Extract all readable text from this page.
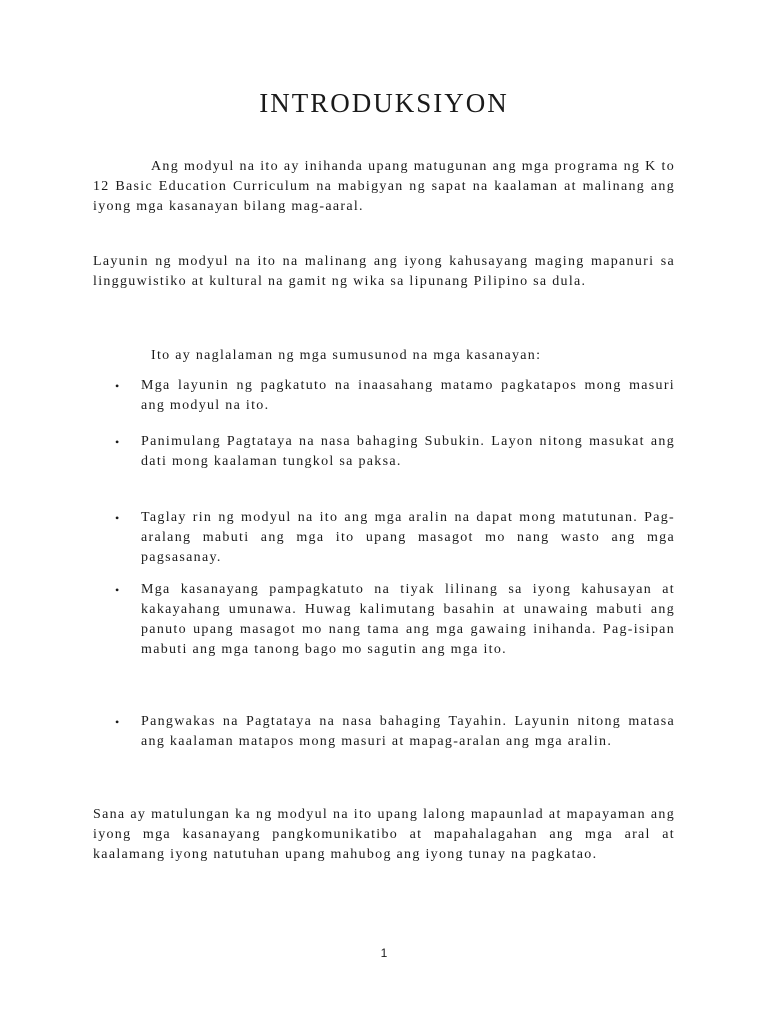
INTRODUKSIYON

Ang modyul na ito ay inihanda upang matugunan ang mga programa ng K to 12 Basic Education Curriculum na mabigyan ng sapat na kaalaman at malinang ang iyong mga kasanayan bilang mag-aaral.

Layunin ng modyul na ito na malinang ang iyong kahusayang maging mapanuri sa lingguwistiko at kultural na gamit ng wika sa lipunang Pilipino sa dula.

Ito ay naglalaman ng mga sumusunod na mga kasanayan:

•	Mga layunin ng pagkatuto na inaasahang matamo pagkatapos mong masuri ang modyul na ito.
•	Panimulang Pagtataya na nasa bahaging Subukin. Layon nitong masukat ang dati mong kaalaman tungkol sa paksa.
•	Taglay rin ng modyul na ito ang mga aralin na dapat mong matutunan. Pag-aralang mabuti ang mga ito upang masagot mo nang wasto ang mga pagsasanay.
•	Mga kasanayang pampagkatuto na tiyak lilinang sa iyong kahusayan at kakayahang umunawa. Huwag kalimutang basahin at unawaing mabuti ang panuto upang masagot mo nang tama ang mga gawaing inihanda. Pag-isipan mabuti ang mga tanong bago mo sagutin ang mga ito.
•	Pangwakas na Pagtataya na nasa bahaging Tayahin. Layunin nitong matasa ang kaalaman matapos mong masuri at mapag-aralan ang mga aralin.

Sana ay matulungan ka ng modyul na ito upang lalong mapaunlad at mapayaman ang iyong mga kasanayang pangkomunikatibo at mapahalagahan ang mga aral at kaalamang iyong natutuhan upang mahubog ang iyong tunay na pagkatao.

1
